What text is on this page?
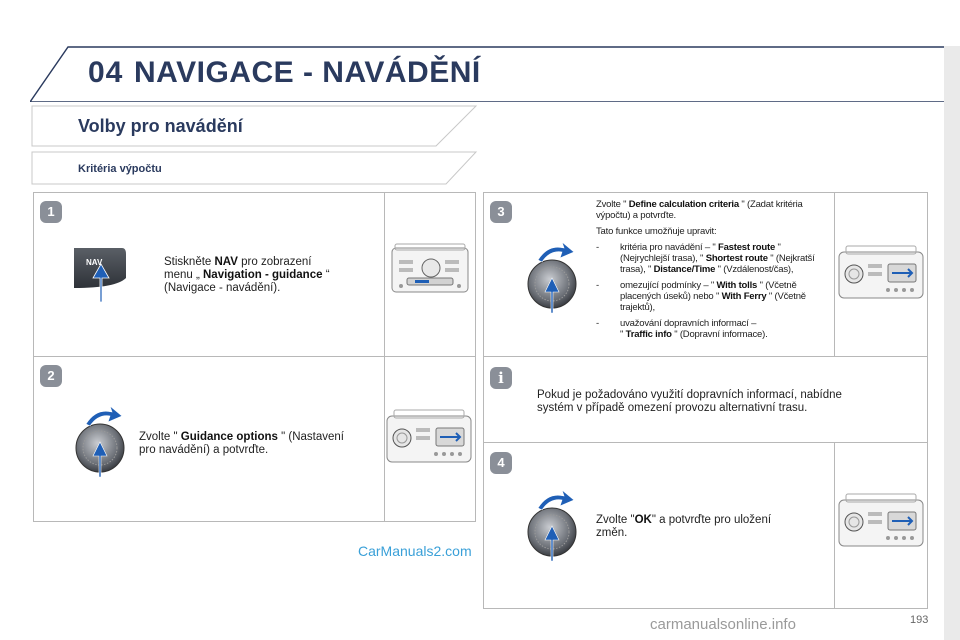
04 NAVIGACE - NAVÁDĚNÍ
Volby pro navádění
Kritéria výpočtu
1
NAV	Stiskněte NAV pro zobrazení
menu „ Navigation - guidance “
(Navigace - navádění).
2
Zvolte " Guidance options " (Nastavení
pro navádění) a potvrďte.
3	Zvolte " Define calculation criteria " (Zadat kritéria
výpočtu) a potvrďte.
Tato funkce umožňuje upravit:
- kritéria pro navádění – " Fastest route "
(Nejrychlejší trasa), " Shortest route " (Nejkratší
trasa), " Distance/Time " (Vzdálenost/čas),
- omezující podmínky – " With tolls " (Včetně
placených úseků) nebo " With Ferry " (Včetně
trajektů),
- uvažování dopravních informací –
" Traffic info " (Dopravní informace).
i
Pokud je požadováno využití dopravních informací, nabídne
systém v případě omezení provozu alternativní trasu.
4
Zvolte "OK" a potvrďte pro uložení
změn.
CarManuals2.com
carmanualsonline.info	193
